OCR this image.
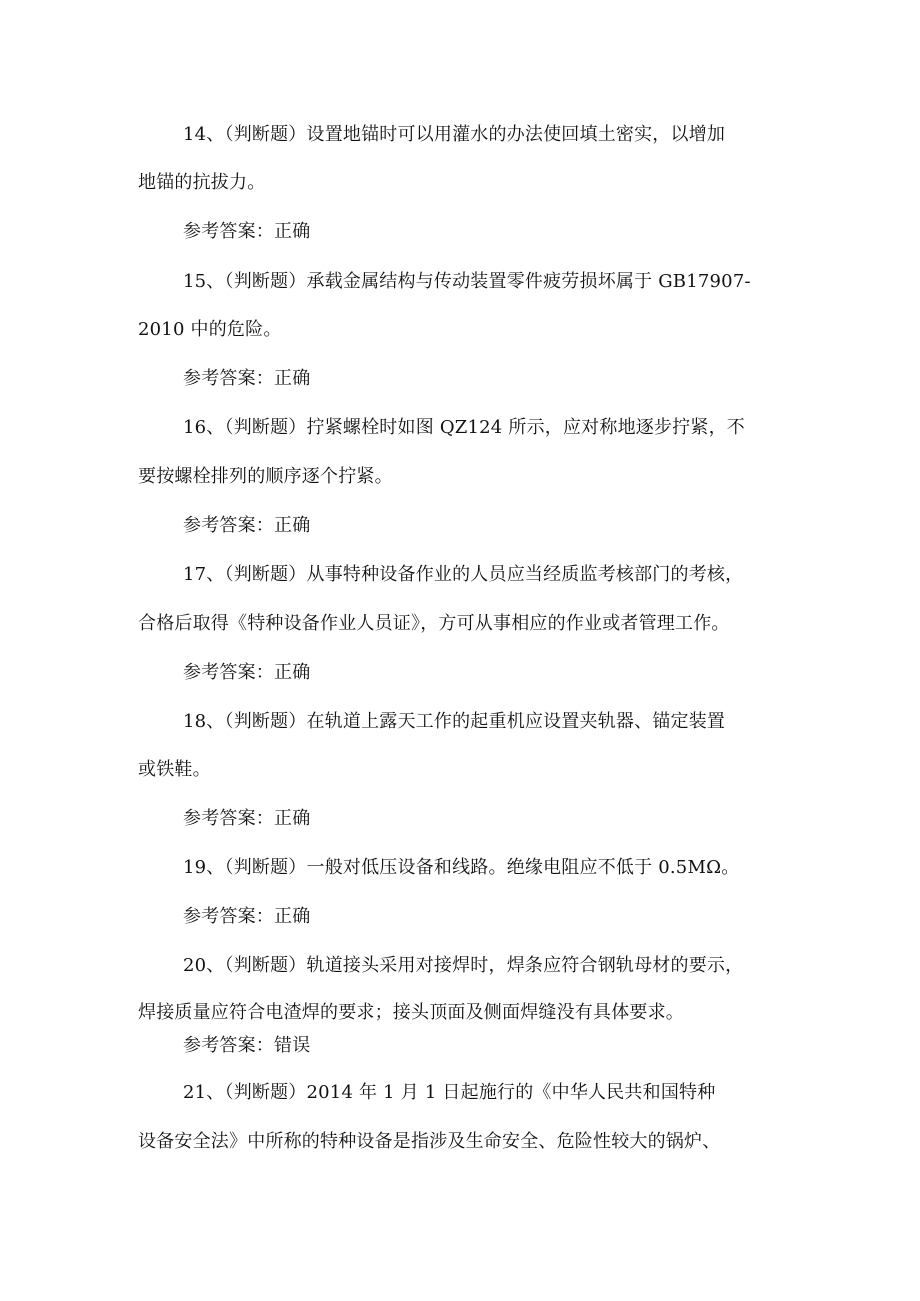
14、（判断题）设置地锚时可以用灌水的办法使回填土密实，以增加
地锚的抗拔力。
参考答案：正确
15、（判断题）承载金属结构与传动装置零件疲劳损坏属于 GB17907-
2010 中的危险。
参考答案：正确
16、（判断题）拧紧螺栓时如图 QZ124 所示，应对称地逐步拧紧，不
要按螺栓排列的顺序逐个拧紧。
参考答案：正确
17、（判断题）从事特种设备作业的人员应当经质监考核部门的考核，
合格后取得《特种设备作业人员证》，方可从事相应的作业或者管理工作。
参考答案：正确
18、（判断题）在轨道上露天工作的起重机应设置夹轨器、锚定装置
或铁鞋。
参考答案：正确
19、（判断题）一般对低压设备和线路。绝缘电阻应不低于 0.5MΩ。
参考答案：正确
20、（判断题）轨道接头采用对接焊时，焊条应符合钢轨母材的要示，
焊接质量应符合电渣焊的要求；接头顶面及侧面焊缝没有具体要求。
参考答案：错误
21、（判断题）2014 年 1 月 1 日起施行的《中华人民共和国特种
设备安全法》中所称的特种设备是指涉及生命安全、危险性较大的锅炉、
